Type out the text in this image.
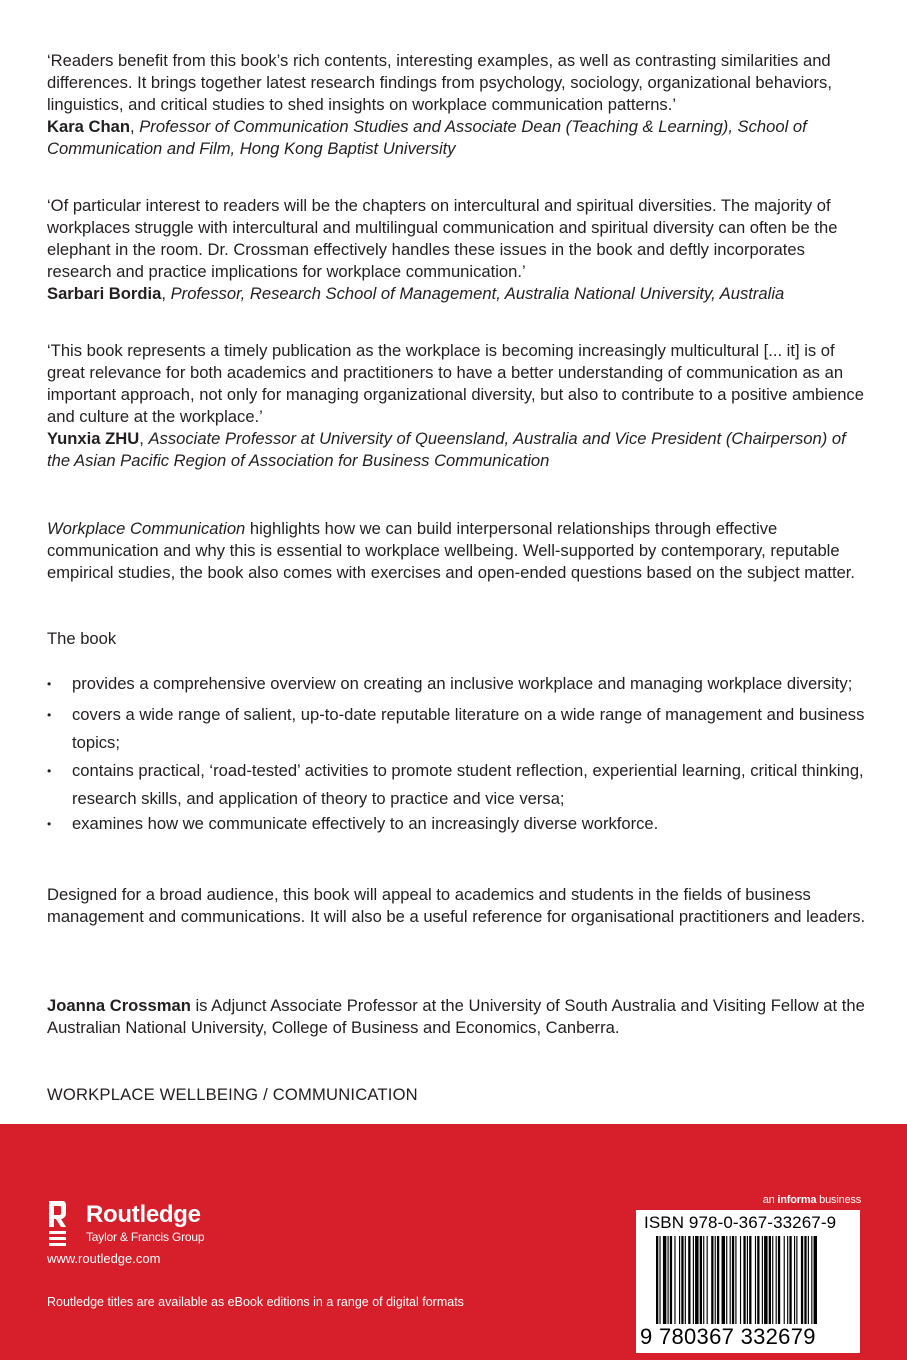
‘Readers benefit from this book’s rich contents, interesting examples, as well as contrasting similarities and differences. It brings together latest research findings from psychology, sociology, organizational behaviors, linguistics, and critical studies to shed insights on workplace communication patterns.’

Kara Chan, Professor of Communication Studies and Associate Dean (Teaching & Learning), School of Communication and Film, Hong Kong Baptist University

‘Of particular interest to readers will be the chapters on intercultural and spiritual diversities. The majority of workplaces struggle with intercultural and multilingual communication and spiritual diversity can often be the elephant in the room. Dr. Crossman effectively handles these issues in the book and deftly incorporates research and practice implications for workplace communication.’

Sarbari Bordia, Professor, Research School of Management, Australia National University, Australia

‘This book represents a timely publication as the workplace is becoming increasingly multicultural [... it] is of great relevance for both academics and practitioners to have a better understanding of communication as an important approach, not only for managing organizational diversity, but also to contribute to a positive ambience and culture at the workplace.’

Yunxia ZHU, Associate Professor at University of Queensland, Australia and Vice President (Chairperson) of the Asian Pacific Region of Association for Business Communication

Workplace Communication highlights how we can build interpersonal relationships through effective communication and why this is essential to workplace wellbeing. Well-supported by contemporary, reputable empirical studies, the book also comes with exercises and open-ended questions based on the subject matter.

The book

• provides a comprehensive overview on creating an inclusive workplace and managing workplace diversity;
• covers a wide range of salient, up-to-date reputable literature on a wide range of management and business topics;
• contains practical, ‘road-tested’ activities to promote student reflection, experiential learning, critical thinking, research skills, and application of theory to practice and vice versa;
• examines how we communicate effectively to an increasingly diverse workforce.

Designed for a broad audience, this book will appeal to academics and students in the fields of business management and communications. It will also be a useful reference for organisational practitioners and leaders.

Joanna Crossman is Adjunct Associate Professor at the University of South Australia and Visiting Fellow at the Australian National University, College of Business and Economics, Canberra.

WORKPLACE WELLBEING / COMMUNICATION

Routledge
Taylor & Francis Group
www.routledge.com
Routledge titles are available as eBook editions in a range of digital formats
an informa business
ISBN 978-0-367-33267-9
9 780367 332679
